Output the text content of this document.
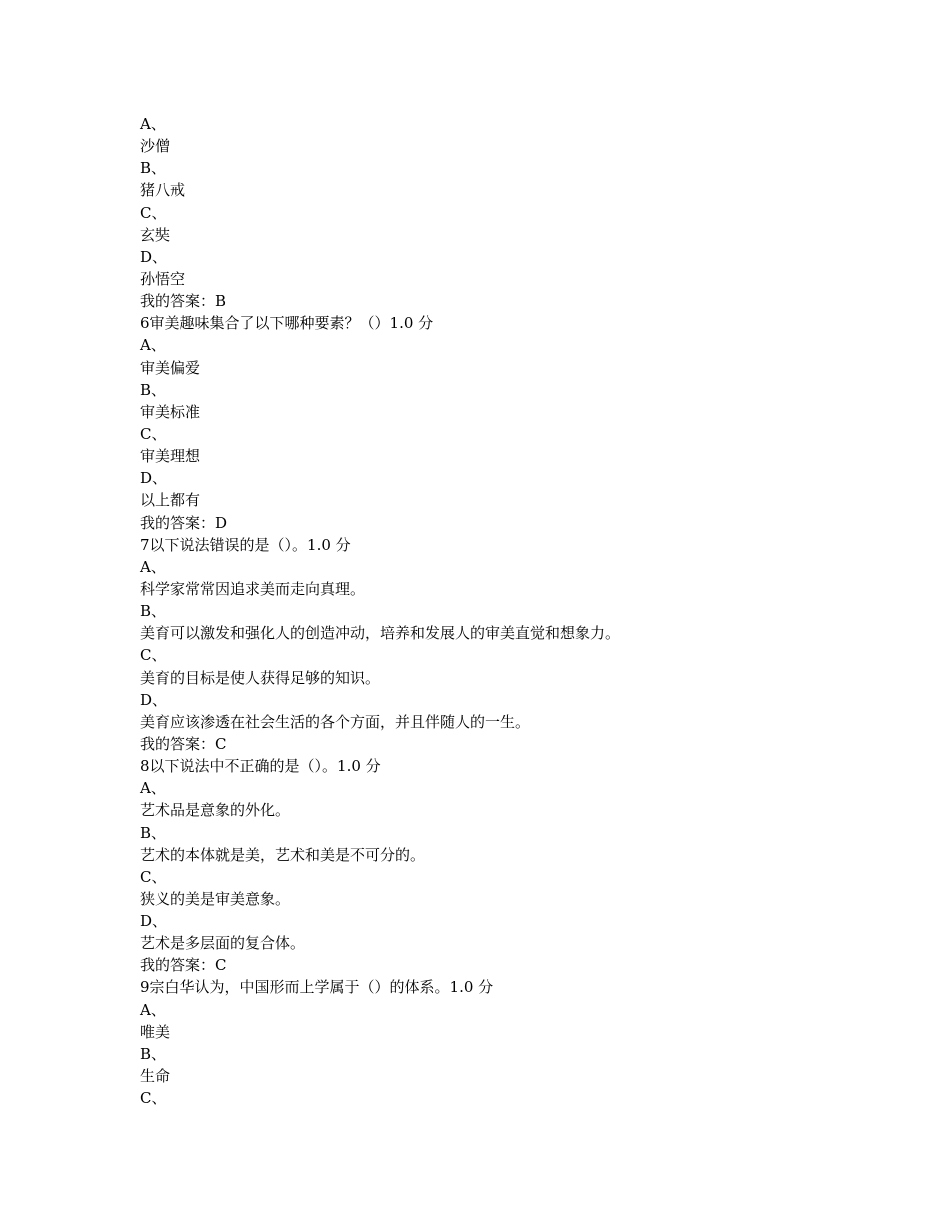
A、
沙僧
B、
猪八戒
C、
玄奘
D、
孙悟空
我的答案：B
6审美趣味集合了以下哪种要素？（）1.0 分
A、
审美偏爱
B、
审美标准
C、
审美理想
D、
以上都有
我的答案：D
7以下说法错误的是（）。1.0 分
A、
科学家常常因追求美而走向真理。
B、
美育可以激发和强化人的创造冲动，培养和发展人的审美直觉和想象力。
C、
美育的目标是使人获得足够的知识。
D、
美育应该渗透在社会生活的各个方面，并且伴随人的一生。
我的答案：C
8以下说法中不正确的是（）。1.0 分
A、
艺术品是意象的外化。
B、
艺术的本体就是美，艺术和美是不可分的。
C、
狭义的美是审美意象。
D、
艺术是多层面的复合体。
我的答案：C
9宗白华认为，中国形而上学属于（）的体系。1.0 分
A、
唯美
B、
生命
C、
